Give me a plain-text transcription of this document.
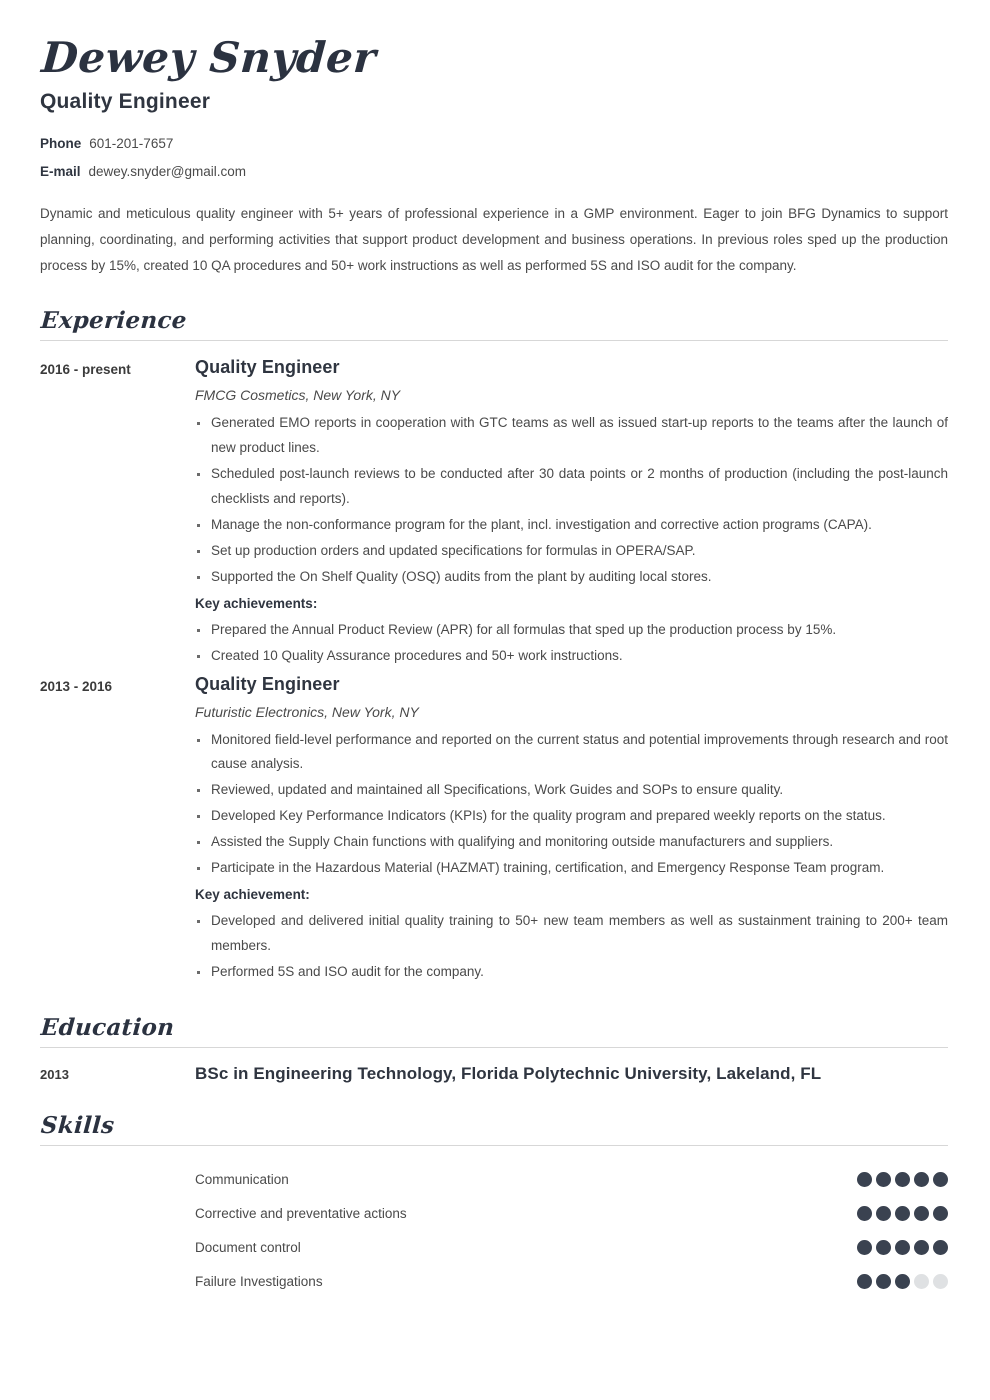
Dewey Snyder
Quality Engineer
Phone 601-201-7657
E-mail dewey.snyder@gmail.com

Dynamic and meticulous quality engineer with 5+ years of professional experience in a GMP environment. Eager to join BFG Dynamics to support planning, coordinating, and performing activities that support product development and business operations. In previous roles sped up the production process by 15%, created 10 QA procedures and 50+ work instructions as well as performed 5S and ISO audit for the company.

Experience
2016 - present	Quality Engineer
FMCG Cosmetics, New York, NY
Generated EMO reports in cooperation with GTC teams as well as issued start-up reports to the teams after the launch of new product lines.
Scheduled post-launch reviews to be conducted after 30 data points or 2 months of production (including the post-launch checklists and reports).
Manage the non-conformance program for the plant, incl. investigation and corrective action programs (CAPA).
Set up production orders and updated specifications for formulas in OPERA/SAP.
Supported the On Shelf Quality (OSQ) audits from the plant by auditing local stores.
Key achievements:
Prepared the Annual Product Review (APR) for all formulas that sped up the production process by 15%.
Created 10 Quality Assurance procedures and 50+ work instructions.
2013 - 2016	Quality Engineer
Futuristic Electronics, New York, NY
Monitored field-level performance and reported on the current status and potential improvements through research and root cause analysis.
Reviewed, updated and maintained all Specifications, Work Guides and SOPs to ensure quality.
Developed Key Performance Indicators (KPIs) for the quality program and prepared weekly reports on the status.
Assisted the Supply Chain functions with qualifying and monitoring outside manufacturers and suppliers.
Participate in the Hazardous Material (HAZMAT) training, certification, and Emergency Response Team program.
Key achievement:
Developed and delivered initial quality training to 50+ new team members as well as sustainment training to 200+ team members.
Performed 5S and ISO audit for the company.
Education
2013	BSc in Engineering Technology, Florida Polytechnic University, Lakeland, FL
Skills
Communication
Corrective and preventative actions
Document control
Failure Investigations
